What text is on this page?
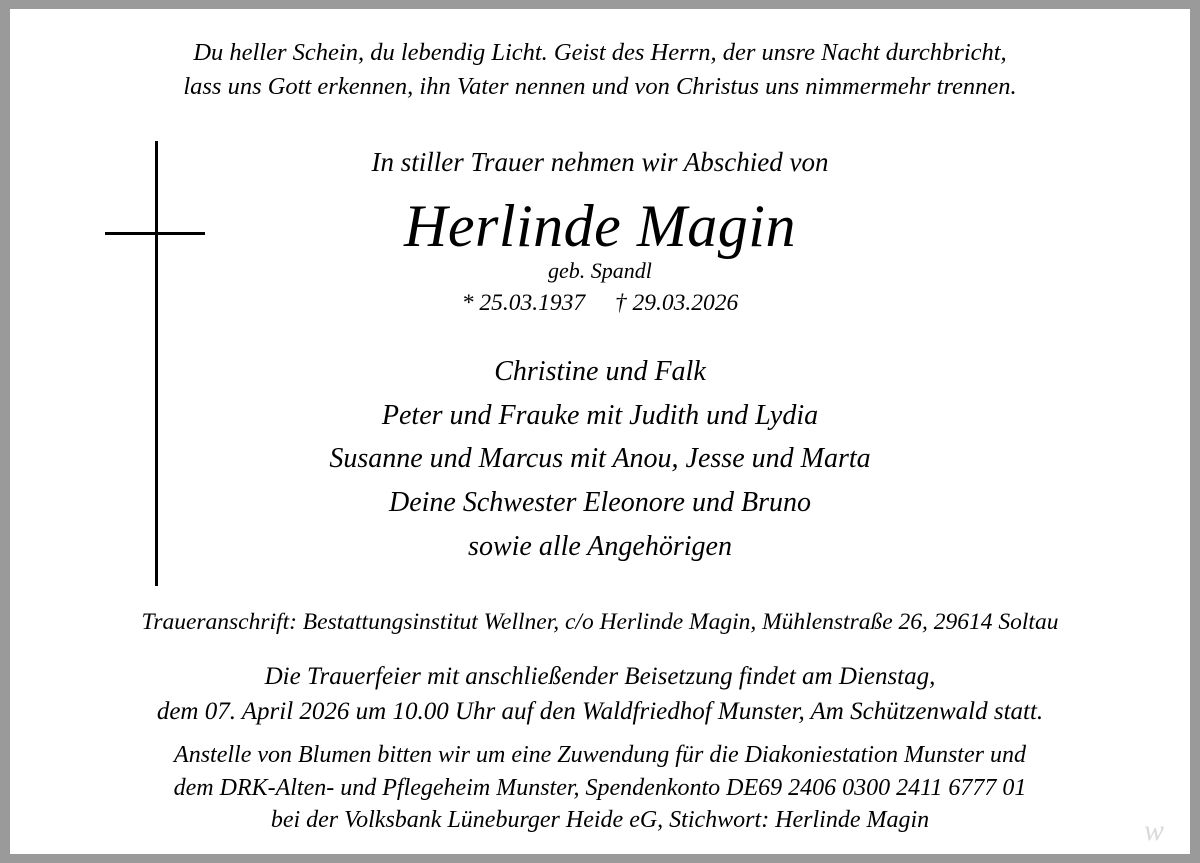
Du heller Schein, du lebendig Licht. Geist des Herrn, der unsre Nacht durchbricht,
lass uns Gott erkennen, ihn Vater nennen und von Christus uns nimmermehr trennen.
In stiller Trauer nehmen wir Abschied von
Herlinde Magin
geb. Spandl
* 25.03.1937 † 29.03.2026
Christine und Falk
Peter und Frauke mit Judith und Lydia
Susanne und Marcus mit Anou, Jesse und Marta
Deine Schwester Eleonore und Bruno
sowie alle Angehörigen
Traueranschrift: Bestattungsinstitut Wellner, c/o Herlinde Magin, Mühlenstraße 26, 29614 Soltau
Die Trauerfeier mit anschließender Beisetzung findet am Dienstag,
dem 07. April 2026 um 10.00 Uhr auf den Waldfriedhof Munster, Am Schützenwald statt.
Anstelle von Blumen bitten wir um eine Zuwendung für die Diakoniestation Munster und
dem DRK-Alten- und Pflegeheim Munster, Spendenkonto DE69 2406 0300 2411 6777 01
bei der Volksbank Lüneburger Heide eG, Stichwort: Herlinde Magin	w
